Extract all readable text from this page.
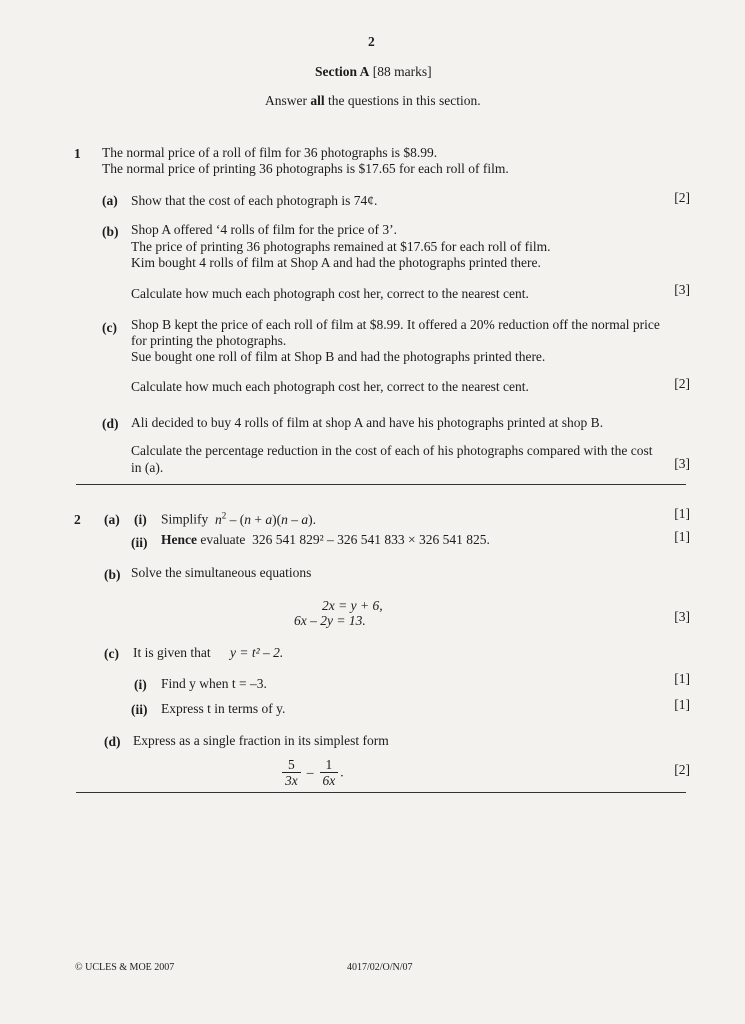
2
Section A [88 marks]
Answer all the questions in this section.
1 The normal price of a roll of film for 36 photographs is $8.99.
The normal price of printing 36 photographs is $17.65 for each roll of film.
(a) Show that the cost of each photograph is 74¢.	[2]
(b) Shop A offered ‘4 rolls of film for the price of 3’.
The price of printing 36 photographs remained at $17.65 for each roll of film.
Kim bought 4 rolls of film at Shop A and had the photographs printed there.
Calculate how much each photograph cost her, correct to the nearest cent.	[3]
(c) Shop B kept the price of each roll of film at $8.99. It offered a 20% reduction off the normal price
for printing the photographs.
Sue bought one roll of film at Shop B and had the photographs printed there.
Calculate how much each photograph cost her, correct to the nearest cent.	[2]
(d) Ali decided to buy 4 rolls of film at shop A and have his photographs printed at shop B.
Calculate the percentage reduction in the cost of each of his photographs compared with the cost
in (a).	[3]
2 (a) (i) Simplify $n^2 - (n + a)(n - a)$.	[1]
(ii) Hence evaluate 326 541 829² – 326 541 833 × 326 541 825.	[1]
(b) Solve the simultaneous equations
2x = y + 6,
6x – 2y = 13.	[3]
(c) It is given that y = t² – 2.
(i) Find y when t = –3.	[1]
(ii) Express t in terms of y.	[1]
(d) Express as a single fraction in its simplest form
$\frac{5}{3x} - \frac{1}{6x}$ .	[2]
© UCLES & MOE 2007	4017/02/O/N/07
